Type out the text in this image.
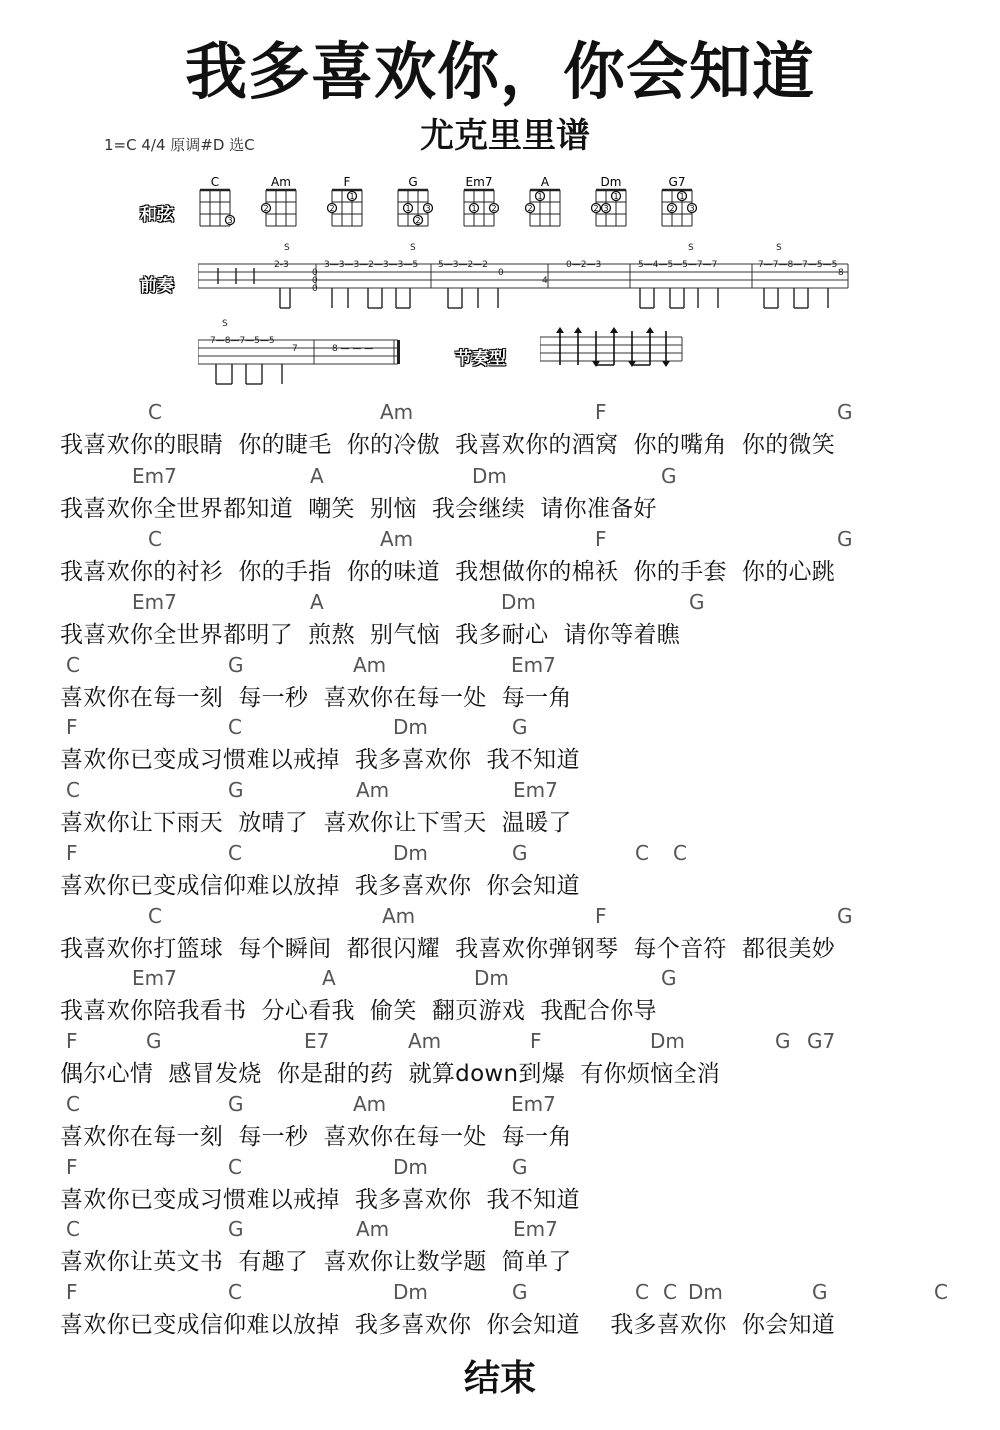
我多喜欢你，你会知道
尤克里里谱
1=C 4/4 原调#D 选C
和弦
前奏
节奏型
C
3
Am
2
F
2
1
G
1
2
3
Em7
1 2
A
2
1
Dm
2 3
1
G7
2
1
3
2-3
0
0
0
3—3—3—2—3—3—5 5—3—2—2
0
4
0—2—3	5—4—5—5—7—7	7—7—8—7—5—5
8
S	S	S	S
7—8—7—5—5
7	8 — — —
S
C	Am	F	G
我喜欢你的眼睛  你的睫毛  你的冷傲  我喜欢你的酒窝  你的嘴角  你的微笑
Em7	A	Dm	G
我喜欢你全世界都知道  嘲笑  别恼  我会继续  请你准备好
C	Am	F	G
我喜欢你的衬衫  你的手指  你的味道  我想做你的棉袄  你的手套  你的心跳
Em7	A	Dm	G
我喜欢你全世界都明了  煎熬  别气恼  我多耐心  请你等着瞧
C	G	Am	Em7
喜欢你在每一刻  每一秒  喜欢你在每一处  每一角
F	C	Dm	G
喜欢你已变成习惯难以戒掉  我多喜欢你  我不知道
C	G	Am	Em7
喜欢你让下雨天  放晴了  喜欢你让下雪天  温暖了
F	C	Dm	G	C C
喜欢你已变成信仰难以放掉  我多喜欢你  你会知道
C	Am	F	G
我喜欢你打篮球  每个瞬间  都很闪耀  我喜欢你弹钢琴  每个音符  都很美妙
Em7	A	Dm	G
我喜欢你陪我看书  分心看我  偷笑  翻页游戏  我配合你导
F	G	E7	Am	F	Dm	G G7
偶尔心情  感冒发烧  你是甜的药  就算down到爆  有你烦恼全消
C	G	Am	Em7
喜欢你在每一刻  每一秒  喜欢你在每一处  每一角
F	C	Dm	G
喜欢你已变成习惯难以戒掉  我多喜欢你  我不知道
C	G	Am	Em7
喜欢你让英文书  有趣了  喜欢你让数学题  简单了
F	C	Dm	G	C C Dm	G	C
喜欢你已变成信仰难以放掉  我多喜欢你  你会知道    我多喜欢你  你会知道
结束
